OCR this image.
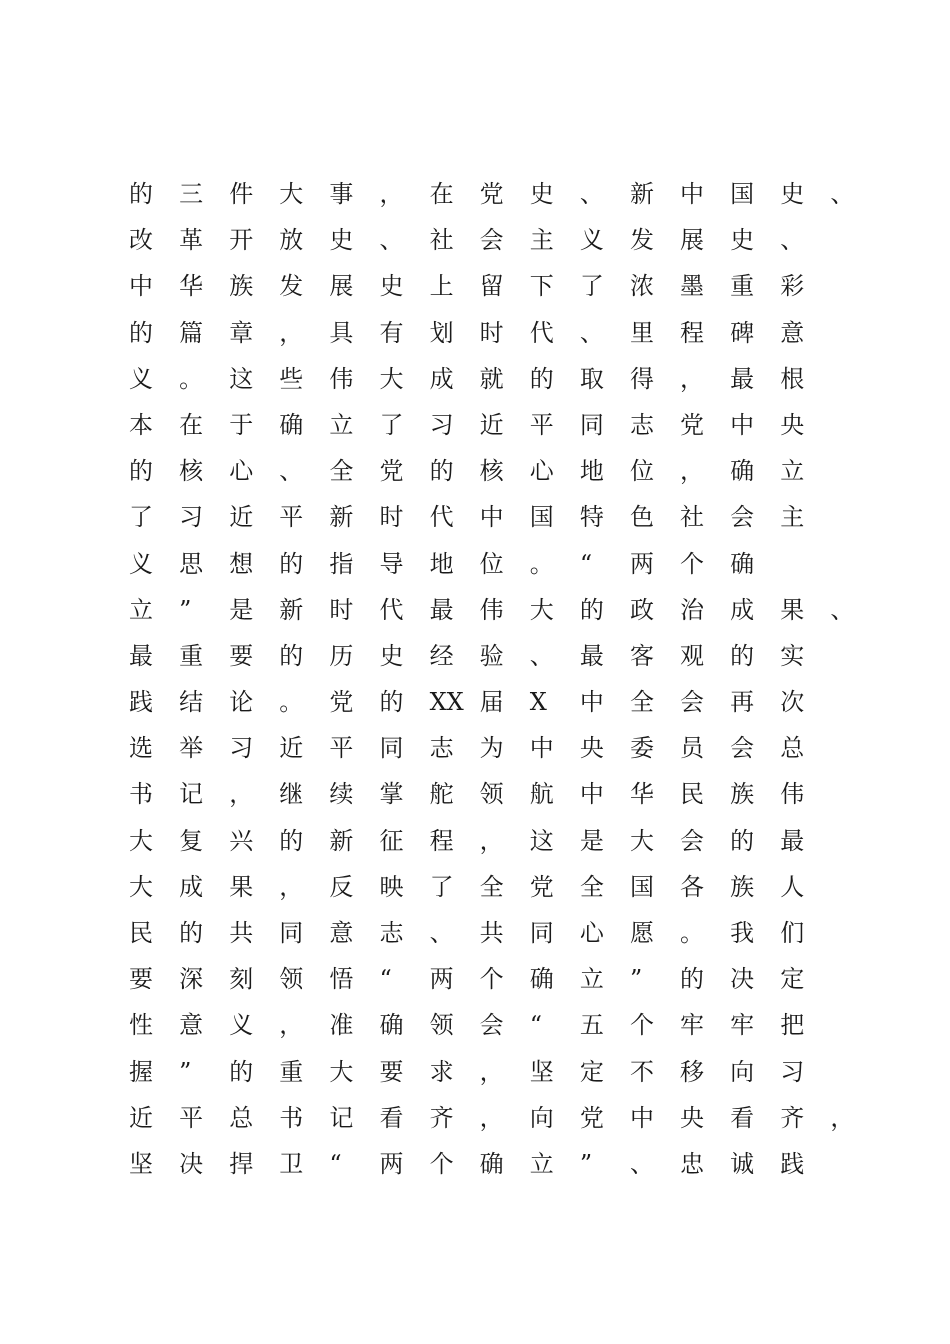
的	三	件	大	事	，	在	党	史	、	新	中	国	史	、
改	革	开	放	史	、	社	会	主	义	发	展	史	、
中	华	族	发	展	史	上	留	下	了	浓	墨	重	彩
的	篇	章	，	具	有	划	时	代	、	里	程	碑	意
义	。	这	些	伟	大	成	就	的	取	得	，	最	根
本	在	于	确	立	了	习	近	平	同	志	党	中	央
的	核	心	、	全	党	的	核	心	地	位	，	确	立
了	习	近	平	新	时	代	中	国	特	色	社	会	主
义	思	想	的	指	导	地	位	。	“	两	个	确
立	”	是	新	时	代	最	伟	大	的	政	治	成	果	、
最	重	要	的	历	史	经	验	、	最	客	观	的	实
践	结	论	。	党	的	XX 届	X	中	全	会	再	次
选	举	习	近	平	同	志	为	中	央	委	员	会	总
书	记	，	继	续	掌	舵	领	航	中	华	民	族	伟
大	复	兴	的	新	征	程	，	这	是	大	会	的	最
大	成	果	，	反	映	了	全	党	全	国	各	族	人
民	的	共	同	意	志	、	共	同	心	愿	。	我	们
要	深	刻	领	悟	“	两	个	确	立	”	的	决	定
性	意	义	，	准	确	领	会	“	五	个	牢	牢	把
握	”	的	重	大	要	求	，	坚	定	不	移	向	习
近	平	总	书	记	看	齐	，	向	党	中	央	看	齐	，
坚	决	捍	卫	“	两	个	确	立	”	、	忠	诚	践
